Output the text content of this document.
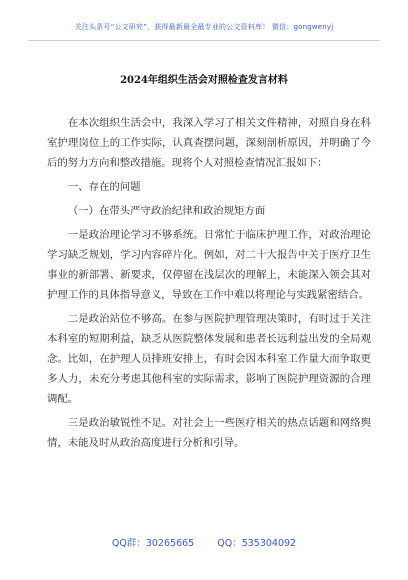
关注头条号“公文研究”，获得最新最全最专业的公文资料库！ 微信：gongwenyj
2024年组织生活会对照检查发言材料

在本次组织生活会中，我深入学习了相关文件精神，对照自身在科室护理岗位上的工作实际，认真查摆问题，深刻剖析原因，并明确了今后的努力方向和整改措施。现将个人对照检查情况汇报如下：

一、存在的问题

（一）在带头严守政治纪律和政治规矩方面

一是政治理论学习不够系统。日常忙于临床护理工作，对政治理论学习缺乏规划，学习内容碎片化。例如，对二十大报告中关于医疗卫生事业的新部署、新要求，仅停留在浅层次的理解上，未能深入领会其对护理工作的具体指导意义，导致在工作中难以将理论与实践紧密结合。

二是政治站位不够高。在参与医院护理管理决策时，有时过于关注本科室的短期利益，缺乏从医院整体发展和患者长远利益出发的全局观念。比如，在护理人员排班安排上，有时会因本科室工作量大而争取更多人力，未充分考虑其他科室的实际需求，影响了医院护理资源的合理调配。

三是政治敏锐性不足。对社会上一些医疗相关的热点话题和网络舆情，未能及时从政治高度进行分析和引导。

QQ群：30265665 QQ：535304092
